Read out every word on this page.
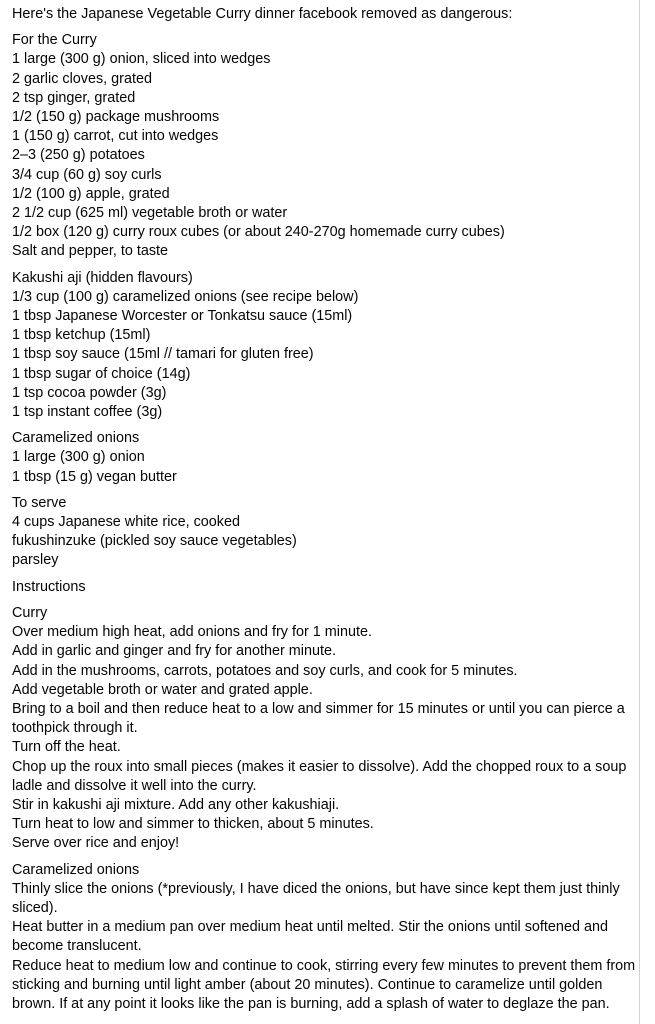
Here's the Japanese Vegetable Curry dinner facebook removed as dangerous:
For the Curry
1 large (300 g) onion, sliced into wedges
2 garlic cloves, grated
2 tsp ginger, grated
1/2 (150 g) package mushrooms
1 (150 g) carrot, cut into wedges
2–3 (250 g) potatoes
3/4 cup (60 g) soy curls
1/2 (100 g) apple, grated
2 1/2 cup (625 ml) vegetable broth or water
1/2 box (120 g) curry roux cubes (or about 240-270g homemade curry cubes)
Salt and pepper, to taste
Kakushi aji (hidden flavours)
1/3 cup (100 g) caramelized onions (see recipe below)
1 tbsp Japanese Worcester or Tonkatsu sauce (15ml)
1 tbsp ketchup (15ml)
1 tbsp soy sauce (15ml // tamari for gluten free)
1 tbsp sugar of choice (14g)
1 tsp cocoa powder (3g)
1 tsp instant coffee (3g)
Caramelized onions
1 large (300 g) onion
1 tbsp (15 g) vegan butter
To serve
4 cups Japanese white rice, cooked
fukushinzuke (pickled soy sauce vegetables)
parsley
Instructions
Curry
Over medium high heat, add onions and fry for 1 minute.
Add in garlic and ginger and fry for another minute.
Add in the mushrooms, carrots, potatoes and soy curls, and cook for 5 minutes.
Add vegetable broth or water and grated apple.
Bring to a boil and then reduce heat to a low and simmer for 15 minutes or until you can pierce a toothpick through it.
Turn off the heat.
Chop up the roux into small pieces (makes it easier to dissolve). Add the chopped roux to a soup ladle and dissolve it well into the curry.
Stir in kakushi aji mixture. Add any other kakushiaji.
Turn heat to low and simmer to thicken, about 5 minutes.
Serve over rice and enjoy!
Caramelized onions
Thinly slice the onions (*previously, I have diced the onions, but have since kept them just thinly sliced).
Heat butter in a medium pan over medium heat until melted. Stir the onions until softened and become translucent.
Reduce heat to medium low and continue to cook, stirring every few minutes to prevent them from sticking and burning until light amber (about 20 minutes). Continue to caramelize until golden brown. If at any point it looks like the pan is burning, add a splash of water to deglaze the pan.
